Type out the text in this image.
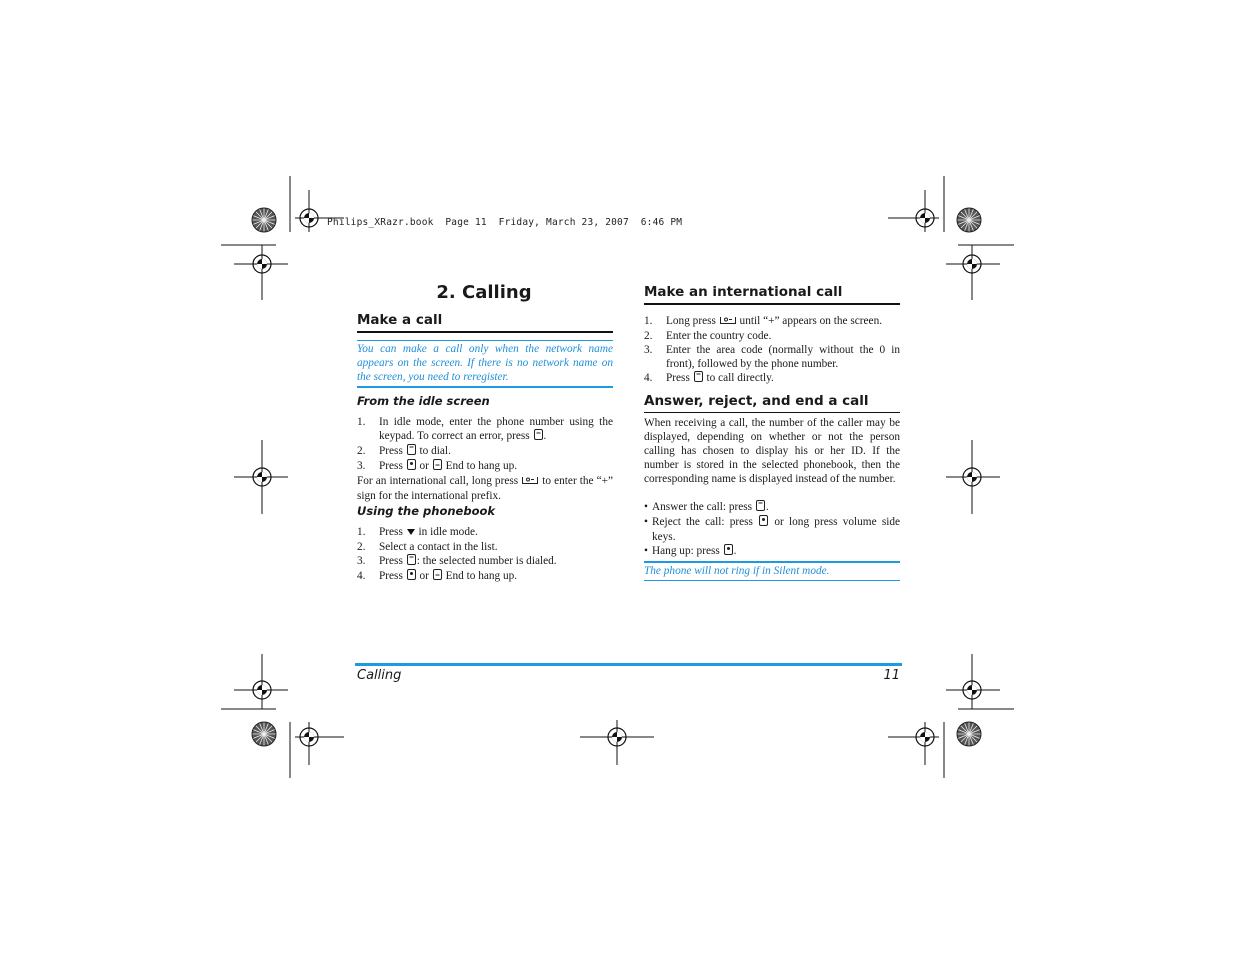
Philips_XRazr.book  Page 11  Friday, March 23, 2007  6:46 PM
2. Calling
Make a call
You can make a call only when the network name appears on the screen. If there is no network name on the screen, you need to reregister.
From the idle screen
1. In idle mode, enter the phone number using the keypad. To correct an error, press .
2. Press to dial.
3. Press or End to hang up.
For an international call, long press to enter the “+” sign for the international prefix.
Using the phonebook
1. Press in idle mode.
2. Select a contact in the list.
3. Press : the selected number is dialed.
4. Press or End to hang up.
Make an international call
1. Long press until “+” appears on the screen.
2. Enter the country code.
3. Enter the area code (normally without the 0 in front), followed by the phone number.
4. Press to call directly.
Answer, reject, and end a call
When receiving a call, the number of the caller may be displayed, depending on whether or not the person calling has chosen to display his or her ID. If the number is stored in the selected phonebook, then the corresponding name is displayed instead of the number.
• Answer the call: press .
• Reject the call: press or long press volume side keys.
• Hang up: press .
The phone will not ring if in Silent mode.
Calling	11
